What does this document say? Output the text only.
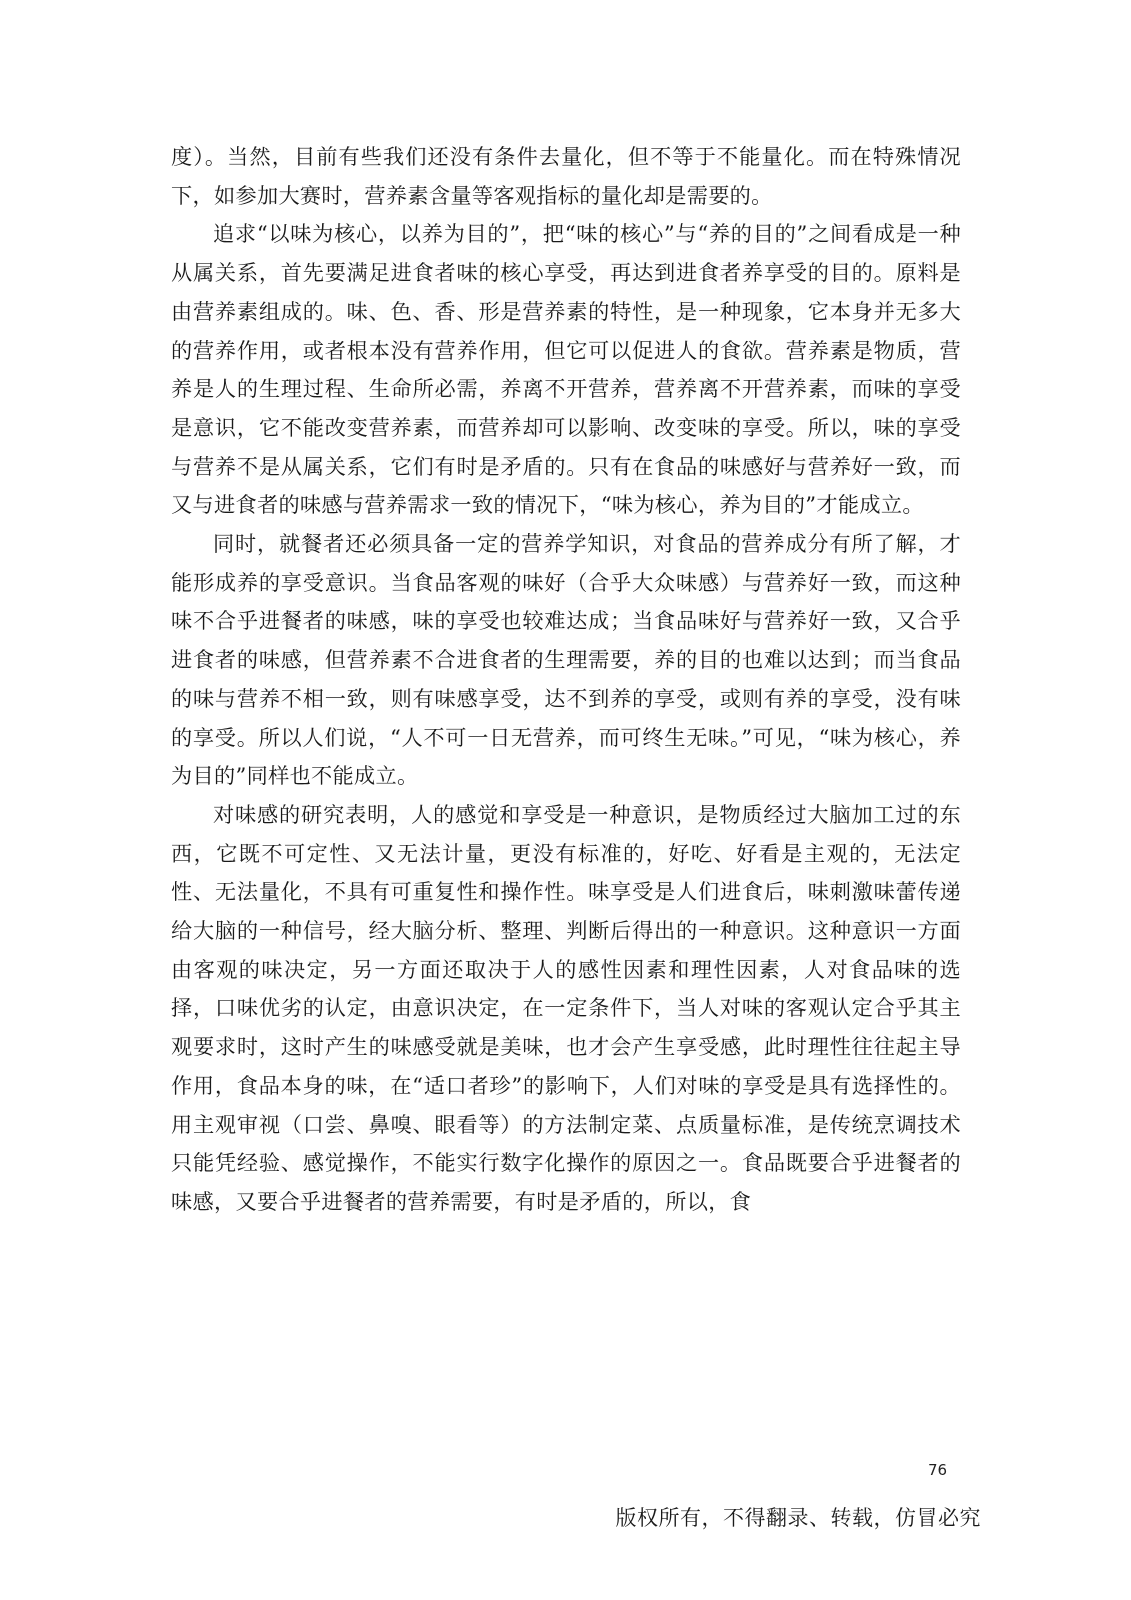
度）。当然，目前有些我们还没有条件去量化，但不等于不能量化。而在特殊情况下，如参加大赛时，营养素含量等客观指标的量化却是需要的。

追求“以味为核心，以养为目的”，把“味的核心”与“养的目的”之间看成是一种从属关系，首先要满足进食者味的核心享受，再达到进食者养享受的目的。原料是由营养素组成的。味、色、香、形是营养素的特性，是一种现象，它本身并无多大的营养作用，或者根本没有营养作用，但它可以促进人的食欲。营养素是物质，营养是人的生理过程、生命所必需，养离不开营养，营养离不开营养素，而味的享受是意识，它不能改变营养素，而营养却可以影响、改变味的享受。所以，味的享受与营养不是从属关系，它们有时是矛盾的。只有在食品的味感好与营养好一致，而又与进食者的味感与营养需求一致的情况下，“味为核心，养为目的”才能成立。

同时，就餐者还必须具备一定的营养学知识，对食品的营养成分有所了解，才能形成养的享受意识。当食品客观的味好（合乎大众味感）与营养好一致，而这种味不合乎进餐者的味感，味的享受也较难达成；当食品味好与营养好一致，又合乎进食者的味感，但营养素不合进食者的生理需要，养的目的也难以达到；而当食品的味与营养不相一致，则有味感享受，达不到养的享受，或则有养的享受，没有味的享受。所以人们说，“人不可一日无营养，而可终生无味。”可见，“味为核心，养为目的”同样也不能成立。

对味感的研究表明，人的感觉和享受是一种意识，是物质经过大脑加工过的东西，它既不可定性、又无法计量，更没有标准的，好吃、好看是主观的，无法定性、无法量化，不具有可重复性和操作性。味享受是人们进食后，味刺激味蕾传递给大脑的一种信号，经大脑分析、整理、判断后得出的一种意识。这种意识一方面由客观的味决定，另一方面还取决于人的感性因素和理性因素，人对食品味的选择，口味优劣的认定，由意识决定，在一定条件下，当人对味的客观认定合乎其主观要求时，这时产生的味感受就是美味，也才会产生享受感，此时理性往往起主导作用，食品本身的味，在“适口者珍”的影响下，人们对味的享受是具有选择性的。用主观审视（口尝、鼻嗅、眼看等）的方法制定菜、点质量标准，是传统烹调技术只能凭经验、感觉操作，不能实行数字化操作的原因之一。食品既要合乎进餐者的味感，又要合乎进餐者的营养需要，有时是矛盾的，所以，食

76
版权所有，不得翻录、转载，仿冒必究
